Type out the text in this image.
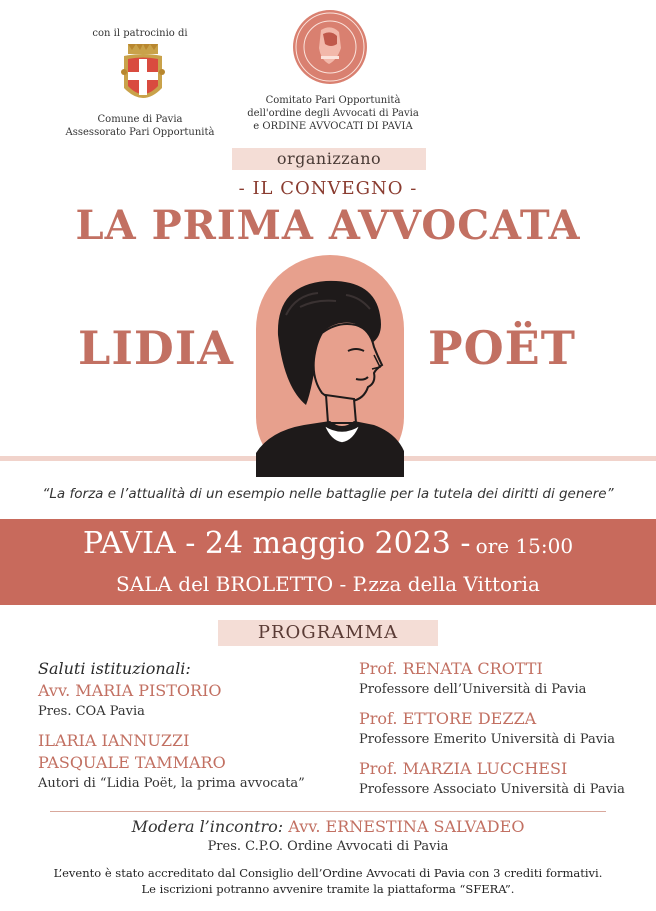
con il patrocinio di
Comune di Pavia
Assessorato Pari Opportunità
Comitato Pari Opportunità
dell'ordine degli Avvocati di Pavia
e ORDINE AVVOCATI DI PAVIA
organizzano
- IL CONVEGNO -
LA PRIMA AVVOCATA
LIDIA	POËT
“La forza e l’attualità di un esempio nelle battaglie per la tutela dei diritti di genere”
PAVIA - 24 maggio 2023 - ore 15:00
SALA del BROLETTO - P.zza della Vittoria
PROGRAMMA
Saluti istituzionali:
Avv. MARIA PISTORIO
Pres. COA Pavia
ILARIA IANNUZZI
PASQUALE TAMMARO
Autori di “Lidia Poët, la prima avvocata”
Prof. RENATA CROTTI
Professore dell’Università di Pavia
Prof. ETTORE DEZZA
Professore Emerito Università di Pavia
Prof. MARZIA LUCCHESI
Professore Associato Università di Pavia
Modera l’incontro: Avv. ERNESTINA SALVADEO
Pres. C.P.O. Ordine Avvocati di Pavia
L’evento è stato accreditato dal Consiglio dell’Ordine Avvocati di Pavia con 3 crediti formativi.
Le iscrizioni potranno avvenire tramite la piattaforma “SFERA”.
